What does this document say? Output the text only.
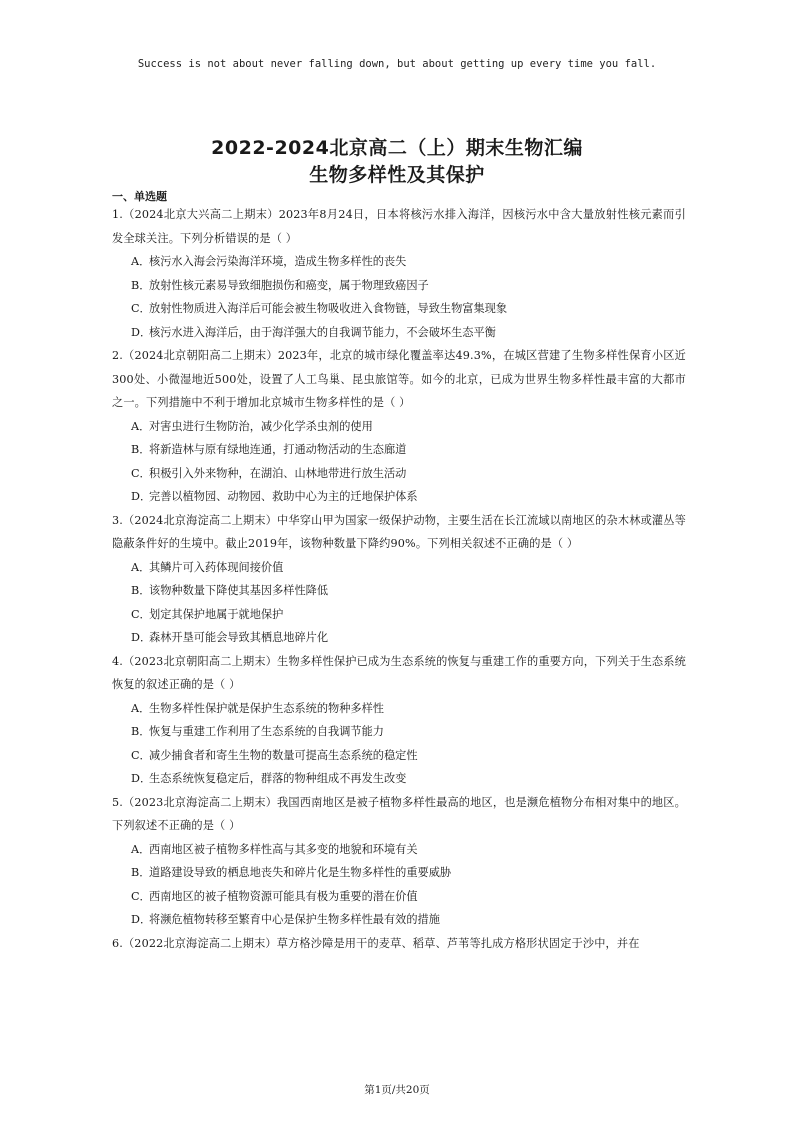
Success is not about never falling down, but about getting up every time you fall.
2022-2024北京高二（上）期末生物汇编
生物多样性及其保护
一、单选题

1.（2024北京大兴高二上期末）2023年8月24日，日本将核污水排入海洋，因核污水中含大量放射性核元素而引发全球关注。下列分析错误的是（ ）

A．核污水入海会污染海洋环境，造成生物多样性的丧失

B．放射性核元素易导致细胞损伤和癌变，属于物理致癌因子

C．放射性物质进入海洋后可能会被生物吸收进入食物链，导致生物富集现象

D．核污水进入海洋后，由于海洋强大的自我调节能力，不会破坏生态平衡

2.（2024北京朝阳高二上期末）2023年，北京的城市绿化覆盖率达49.3%，在城区营建了生物多样性保育小区近300处、小微湿地近500处，设置了人工鸟巢、昆虫旅馆等。如今的北京，已成为世界生物多样性最丰富的大都市之一。下列措施中不利于增加北京城市生物多样性的是（ ）

A．对害虫进行生物防治，减少化学杀虫剂的使用

B．将新造林与原有绿地连通，打通动物活动的生态廊道

C．积极引入外来物种，在湖泊、山林地带进行放生活动

D．完善以植物园、动物园、救助中心为主的迁地保护体系

3.（2024北京海淀高二上期末）中华穿山甲为国家一级保护动物，主要生活在长江流域以南地区的杂木林或灌丛等隐蔽条件好的生境中。截止2019年，该物种数量下降约90%。下列相关叙述不正确的是（ ）

A．其鳞片可入药体现间接价值

B．该物种数量下降使其基因多样性降低

C．划定其保护地属于就地保护

D．森林开垦可能会导致其栖息地碎片化

4.（2023北京朝阳高二上期末）生物多样性保护已成为生态系统的恢复与重建工作的重要方向，下列关于生态系统恢复的叙述正确的是（ ）

A．生物多样性保护就是保护生态系统的物种多样性

B．恢复与重建工作利用了生态系统的自我调节能力

C．减少捕食者和寄生生物的数量可提高生态系统的稳定性

D．生态系统恢复稳定后，群落的物种组成不再发生改变

5.（2023北京海淀高二上期末）我国西南地区是被子植物多样性最高的地区，也是濒危植物分布相对集中的地区。下列叙述不正确的是（ ）

A．西南地区被子植物多样性高与其多变的地貌和环境有关

B．道路建设导致的栖息地丧失和碎片化是生物多样性的重要威胁

C．西南地区的被子植物资源可能具有极为重要的潜在价值

D．将濒危植物转移至繁育中心是保护生物多样性最有效的措施

6.（2022北京海淀高二上期末）草方格沙障是用干的麦草、稻草、芦苇等扎成方格形状固定于沙中，并在

第1页/共20页
